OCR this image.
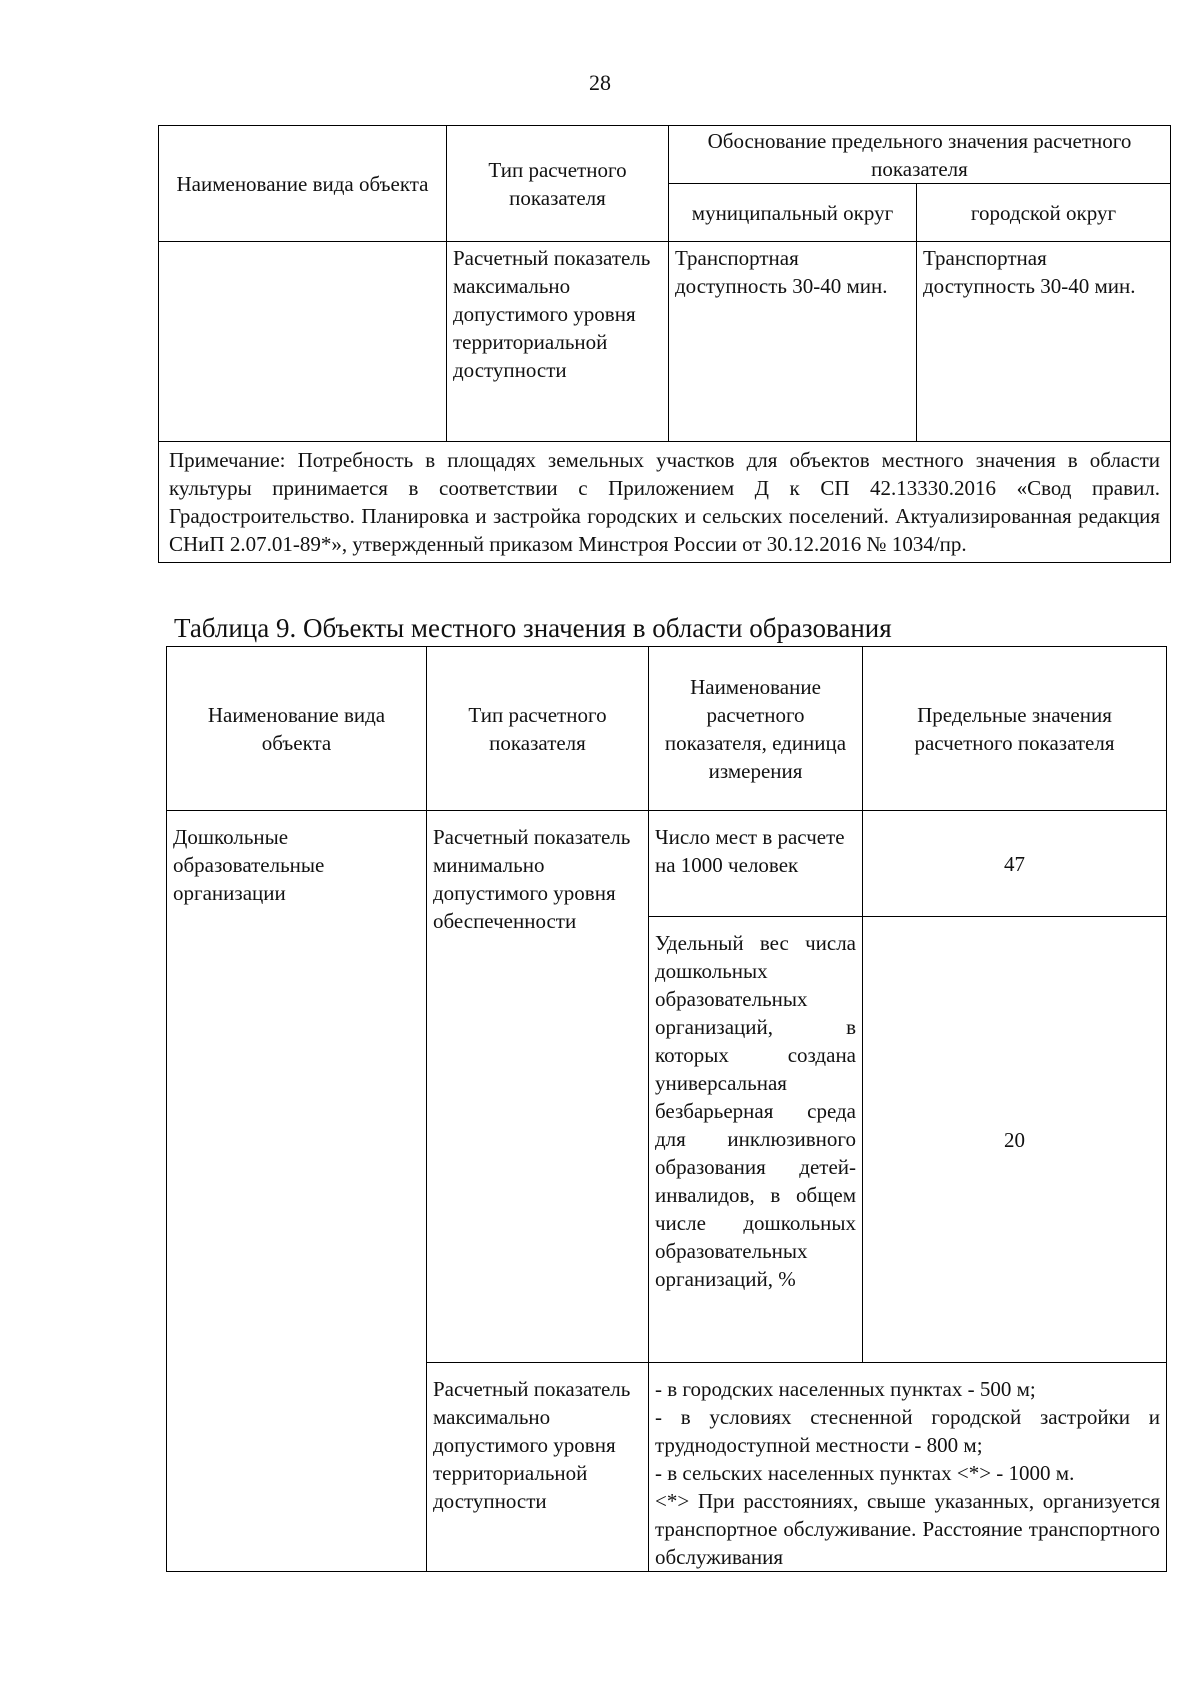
28
Наименование вида объекта	Тип расчетного показателя	Обоснование предельного значения расчетного показателя	
		муниципальный округ	городской округ
	Расчетный показатель максимально допустимого уровня территориальной доступности	Транспортная доступность 30-40 мин.	Транспортная доступность 30-40 мин.
Примечание: Потребность в площадях земельных участков для объектов местного значения в области культуры принимается в соответствии с Приложением Д к СП 42.13330.2016 «Свод правил. Градостроительство. Планировка и застройка городских и сельских поселений. Актуализированная редакция СНиП 2.07.01-89*», утвержденный приказом Минстроя России от 30.12.2016 № 1034/пр.			
Таблица 9. Объекты местного значения в области образования
Наименование вида объекта	Тип расчетного показателя	Наименование расчетного показателя, единица измерения	Предельные значения расчетного показателя
Дошкольные образовательные организации	Расчетный показатель минимально допустимого уровня обеспеченности	Число мест в расчете на 1000 человек	47
		Удельный вес числа дошкольных образовательных организаций, в которых создана универсальная безбарьерная среда для инклюзивного образования детей-инвалидов, в общем числе дошкольных образовательных организаций, %	20
	Расчетный показатель максимально допустимого уровня территориальной доступности	- в городских населенных пунктах - 500 м;
- в условиях стесненной городской застройки и труднодоступной местности - 800 м;
- в сельских населенных пунктах <*> - 1000 м.
<*> При расстояниях, свыше указанных, организуется транспортное обслуживание. Расстояние транспортного обслуживания	
